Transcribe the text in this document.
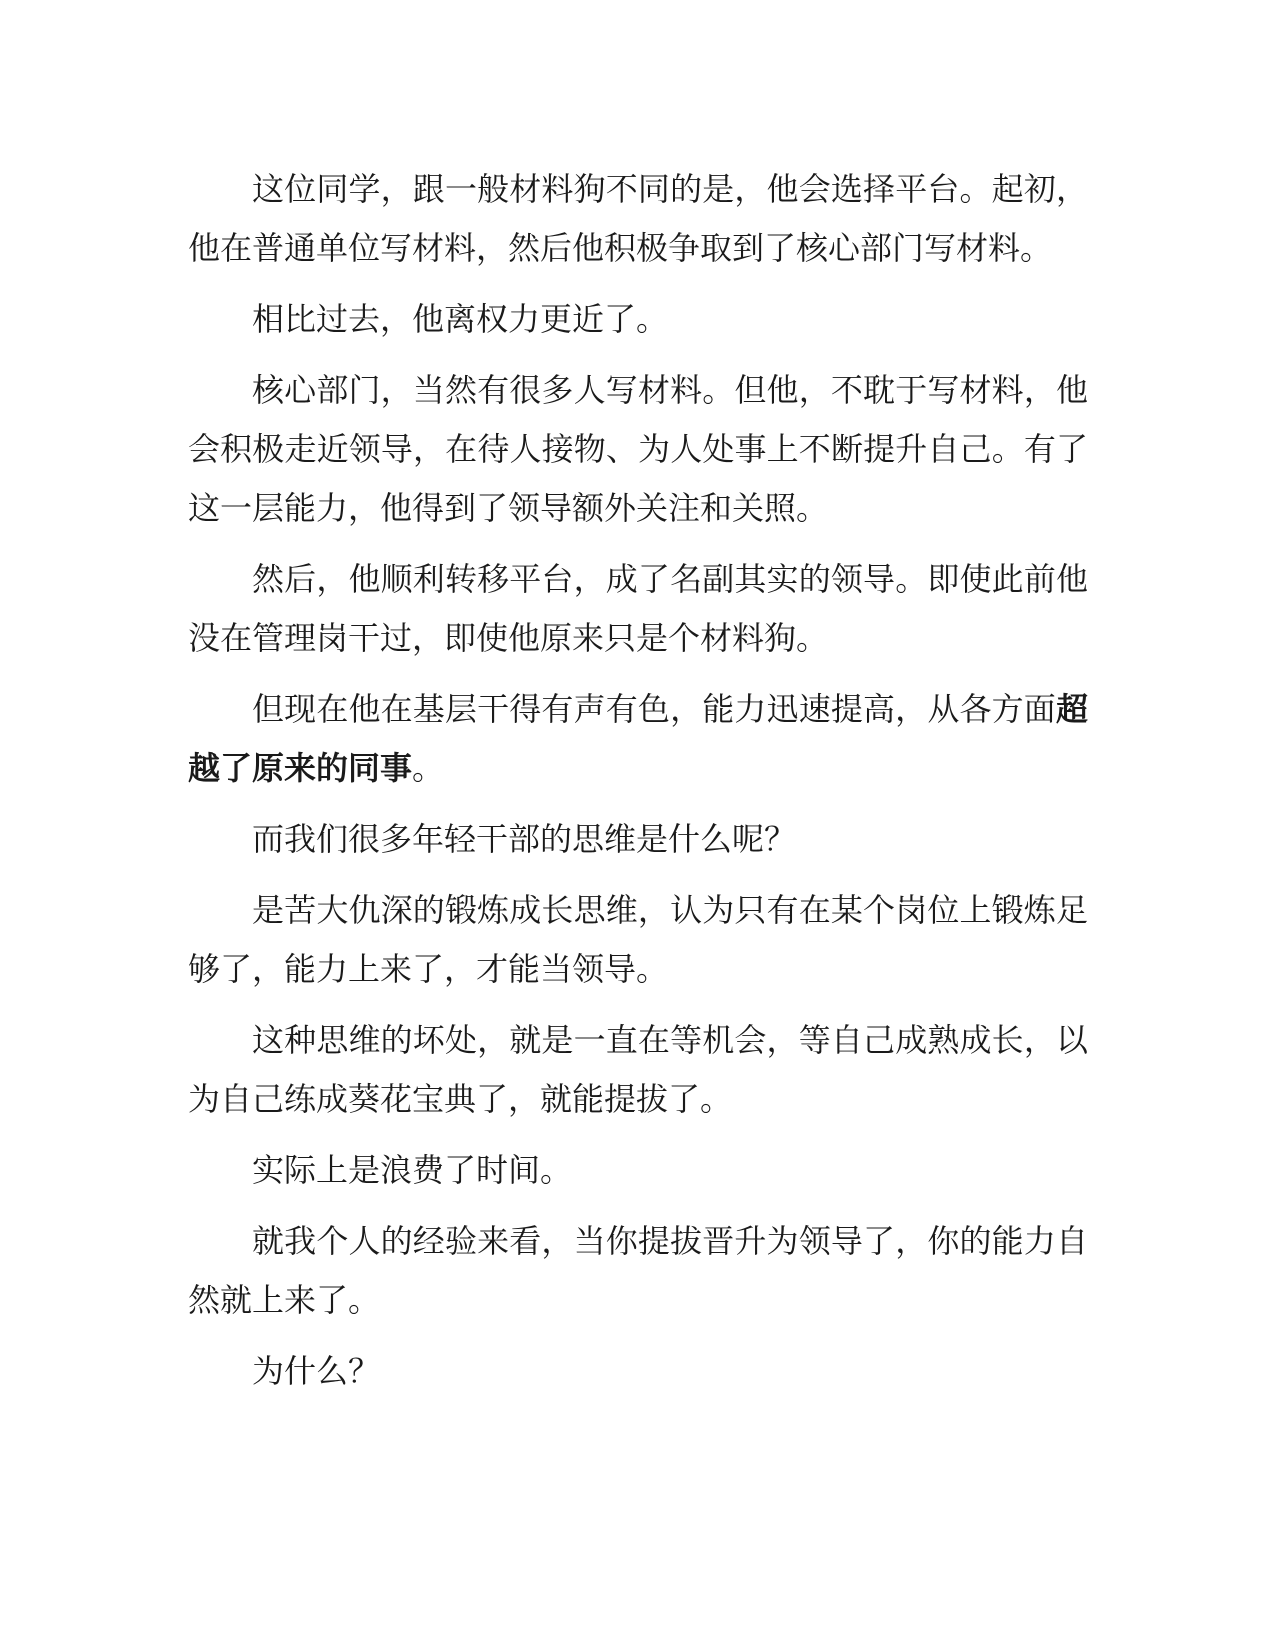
这位同学，跟一般材料狗不同的是，他会选择平台。起初，他在普通单位写材料，然后他积极争取到了核心部门写材料。

相比过去，他离权力更近了。

核心部门，当然有很多人写材料。但他，不耽于写材料，他会积极走近领导，在待人接物、为人处事上不断提升自己。有了这一层能力，他得到了领导额外关注和关照。

然后，他顺利转移平台，成了名副其实的领导。即使此前他没在管理岗干过，即使他原来只是个材料狗。

但现在他在基层干得有声有色，能力迅速提高，从各方面超越了原来的同事。

而我们很多年轻干部的思维是什么呢？

是苦大仇深的锻炼成长思维，认为只有在某个岗位上锻炼足够了，能力上来了，才能当领导。

这种思维的坏处，就是一直在等机会，等自己成熟成长，以为自己练成葵花宝典了，就能提拔了。

实际上是浪费了时间。

就我个人的经验来看，当你提拔晋升为领导了，你的能力自然就上来了。

为什么？
